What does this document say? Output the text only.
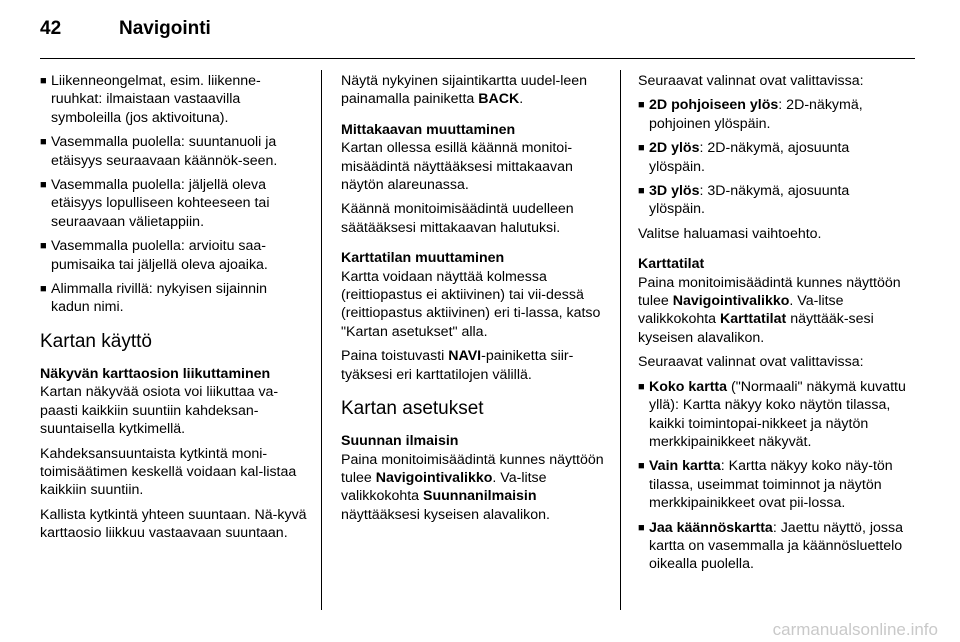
42	Navigointi
■ Liikenneongelmat, esim. liikenne-ruuhkat: ilmaistaan vastaavilla symboleilla (jos aktivoituna).
■ Vasemmalla puolella: suuntanuoli ja etäisyys seuraavaan käännök-seen.
■ Vasemmalla puolella: jäljellä oleva etäisyys lopulliseen kohteeseen tai seuraavaan välietappiin.
■ Vasemmalla puolella: arvioitu saa-pumisaika tai jäljellä oleva ajoaika.
■ Alimmalla rivillä: nykyisen sijainnin kadun nimi.
Kartan käyttö
Näkyvän karttaosion liikuttaminen

Kartan näkyvää osiota voi liikuttaa va-paasti kaikkiin suuntiin kahdeksan-suuntaisella kytkimellä.

Kahdeksansuuntaista kytkintä moni-toimisäätimen keskellä voidaan kal-listaa kaikkiin suuntiin.

Kallista kytkintä yhteen suuntaan. Nä-kyvä karttaosio liikkuu vastaavaan suuntaan.

Näytä nykyinen sijaintikartta uudel-leen painamalla painiketta BACK.

Mittakaavan muuttaminen

Kartan ollessa esillä käännä monitoi-misäädintä näyttääksesi mittakaavan näytön alareunassa.

Käännä monitoimisäädintä uudelleen säätääksesi mittakaavan halutuksi.

Karttatilan muuttaminen

Kartta voidaan näyttää kolmessa (reittiopastus ei aktiivinen) tai vii-dessä (reittiopastus aktiivinen) eri ti-lassa, katso "Kartan asetukset" alla.

Paina toistuvasti NAVI-painiketta siir-tyäksesi eri karttatilojen välillä.

Kartan asetukset
Suunnan ilmaisin

Paina monitoimisäädintä kunnes näyttöön tulee Navigointivalikko. Va-litse valikkokohta Suunnanilmaisin näyttääksesi kyseisen alavalikon.

Seuraavat valinnat ovat valittavissa:

■ 2D pohjoiseen ylös: 2D-näkymä, pohjoinen ylöspäin.
■ 2D ylös: 2D-näkymä, ajosuunta ylöspäin.
■ 3D ylös: 3D-näkymä, ajosuunta ylöspäin.

Valitse haluamasi vaihtoehto.

Karttatilat

Paina monitoimisäädintä kunnes näyttöön tulee Navigointivalikko. Va-litse valikkokohta Karttatilat näyttääk-sesi kyseisen alavalikon.

Seuraavat valinnat ovat valittavissa:

■ Koko kartta ("Normaali" näkymä kuvattu yllä): Kartta näkyy koko näytön tilassa, kaikki toimintopai-nikkeet ja näytön merkkipainikkeet näkyvät.
■ Vain kartta: Kartta näkyy koko näy-tön tilassa, useimmat toiminnot ja näytön merkkipainikkeet ovat pii-lossa.
■ Jaa käännöskartta: Jaettu näyttö, jossa kartta on vasemmalla ja käännösluettelo oikealla puolella.
carmanualsonline.info
